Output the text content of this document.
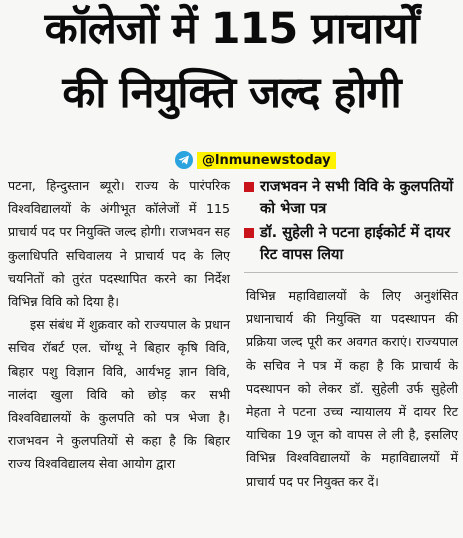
कॉलेजों में 115 प्राचार्यों
की नियुक्ति जल्द होगी
@lnmunewstoday

पटना, हिन्दुस्तान ब्यूरो। राज्य के पारंपरिक विश्वविद्यालयों के अंगीभूत कॉलेजों में 115 प्राचार्य पद पर नियुक्ति जल्द होगी। राजभवन सह कुलाधिपति सचिवालय ने प्राचार्य पद के लिए चयनितों को तुरंत पदस्थापित करने का निर्देश विभिन्न विवि को दिया है।

इस संबंध में शुक्रवार को राज्यपाल के प्रधान सचिव रॉबर्ट एल. चोंग्थू ने बिहार कृषि विवि, बिहार पशु विज्ञान विवि, आर्यभट्ट ज्ञान विवि, नालंदा खुला विवि को छोड़ कर सभी विश्वविद्यालयों के कुलपति को पत्र भेजा है। राजभवन ने कुलपतियों से कहा है कि बिहार राज्य विश्वविद्यालय सेवा आयोग द्वारा

राजभवन ने सभी विवि के कुलपतियों को भेजा पत्र
डॉ. सुहेली ने पटना हाईकोर्ट में दायर रिट वापस लिया

विभिन्न महाविद्यालयों के लिए अनुशंसित प्रधानाचार्य की नियुक्ति या पदस्थापन की प्रक्रिया जल्द पूरी कर अवगत कराएं। राज्यपाल के सचिव ने पत्र में कहा है कि प्राचार्य के पदस्थापन को लेकर डॉ. सुहेली उर्फ सुहेली मेहता ने पटना उच्च न्यायालय में दायर रिट याचिका 19 जून को वापस ले ली है, इसलिए विभिन्न विश्वविद्यालयों के महाविद्यालयों में प्राचार्य पद पर नियुक्त कर दें।
